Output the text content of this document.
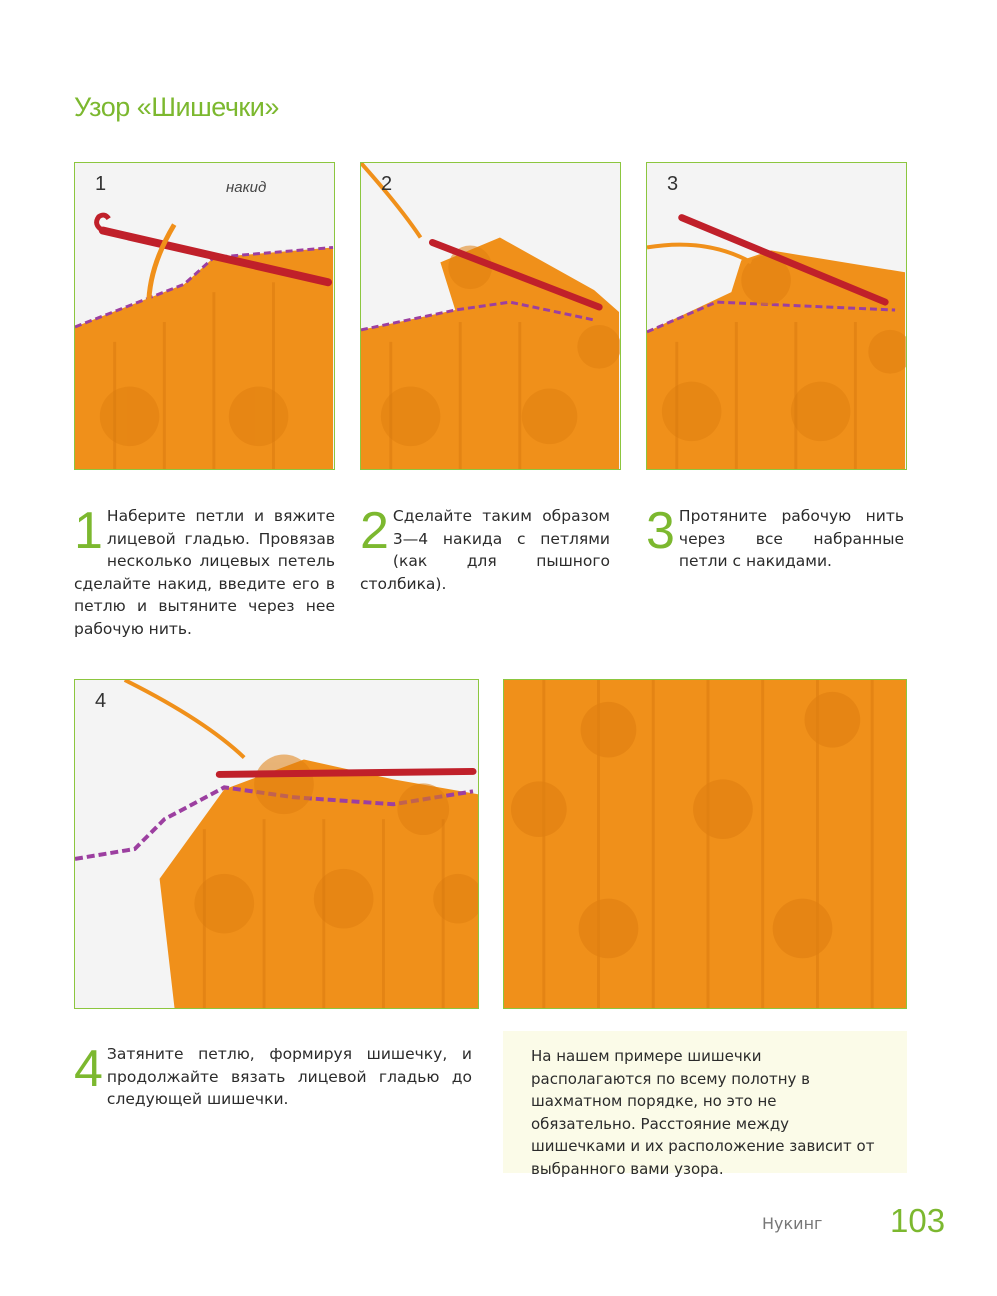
Узор «Шишечки»
1	накид	2	3
1 Наберите петли и вяжите лицевой гладью. Провязав несколько лицевых петель сделайте накид, введите его в петлю и вытяните через нее рабочую нить.
2 Сделайте таким образом 3—4 накида с петлями (как для пышного столбика).
3 Протяните рабочую нить через все набранные петли с накидами.
4
4 Затяните петлю, формируя шишечку, и продолжайте вязать лицевой гладью до следующей шишечки.
На нашем примере шишечки располагаются по всему полотну в шахматном порядке, но это не обязательно. Расстояние между шишечками и их расположение зависит от выбранного вами узора.
Нукинг 103
